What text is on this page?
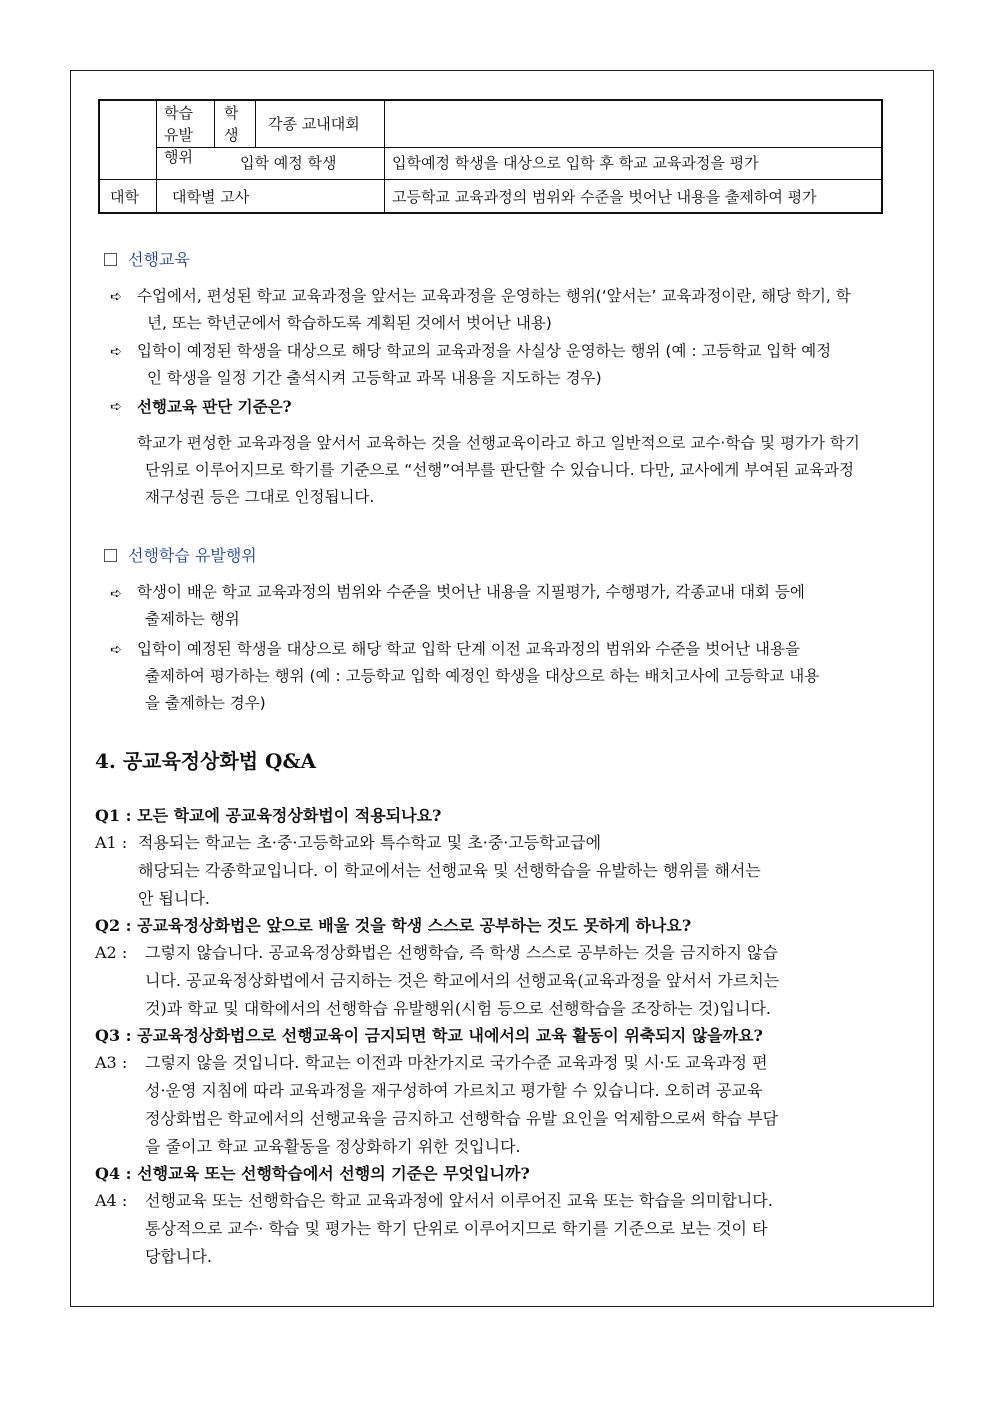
학습
유발
행위
학
생
각종 교내대회
입학 예정 학생	입학예정 학생을 대상으로 입학 후 학교 교육과정을 평가
대학 대학별 고사	고등학교 교육과정의 범위와 수준을 벗어난 내용을 출제하여 평가
선행교육
➪ 수업에서, 편성된 학교 교육과정을 앞서는 교육과정을 운영하는 행위(‘앞서는’ 교육과정이란, 해당 학기, 학
년, 또는 학년군에서 학습하도록 계획된 것에서 벗어난 내용)
➪ 입학이 예정된 학생을 대상으로 해당 학교의 교육과정을 사실상 운영하는 행위 (예 : 고등학교 입학 예정
인 학생을 일정 기간 출석시켜 고등학교 과목 내용을 지도하는 경우)
➪ 선행교육 판단 기준은?
학교가 편성한 교육과정을 앞서서 교육하는 것을 선행교육이라고 하고 일반적으로 교수·학습 및 평가가 학기
단위로 이루어지므로 학기를 기준으로 “선행”여부를 판단할 수 있습니다. 다만, 교사에게 부여된 교육과정
재구성권 등은 그대로 인정됩니다.
선행학습 유발행위
➪ 학생이 배운 학교 교육과정의 범위와 수준을 벗어난 내용을 지필평가, 수행평가, 각종교내 대회 등에
출제하는 행위
➪ 입학이 예정된 학생을 대상으로 해당 학교 입학 단계 이전 교육과정의 범위와 수준을 벗어난 내용을
출제하여 평가하는 행위 (예 : 고등학교 입학 예정인 학생을 대상으로 하는 배치고사에 고등학교 내용
을 출제하는 경우)
4. 공교육정상화법 Q&A
Q1 : 모든 학교에 공교육정상화법이 적용되나요?
A1 : 적용되는 학교는 초·중·고등학교와 특수학교 및 초·중·고등학교급에
해당되는 각종학교입니다. 이 학교에서는 선행교육 및 선행학습을 유발하는 행위를 해서는
안 됩니다.
Q2 : 공교육정상화법은 앞으로 배울 것을 학생 스스로 공부하는 것도 못하게 하나요?
A2 : 그렇지 않습니다. 공교육정상화법은 선행학습, 즉 학생 스스로 공부하는 것을 금지하지 않습
니다. 공교육정상화법에서 금지하는 것은 학교에서의 선행교육(교육과정을 앞서서 가르치는
것)과 학교 및 대학에서의 선행학습 유발행위(시험 등으로 선행학습을 조장하는 것)입니다.
Q3 : 공교육정상화법으로 선행교육이 금지되면 학교 내에서의 교육 활동이 위축되지 않을까요?
A3 : 그렇지 않을 것입니다. 학교는 이전과 마찬가지로 국가수준 교육과정 및 시·도 교육과정 편
성·운영 지침에 따라 교육과정을 재구성하여 가르치고 평가할 수 있습니다. 오히려 공교육
정상화법은 학교에서의 선행교육을 금지하고 선행학습 유발 요인을 억제함으로써 학습 부담
을 줄이고 학교 교육활동을 정상화하기 위한 것입니다.
Q4 : 선행교육 또는 선행학습에서 선행의 기준은 무엇입니까?
A4 : 선행교육 또는 선행학습은 학교 교육과정에 앞서서 이루어진 교육 또는 학습을 의미합니다.
통상적으로 교수· 학습 및 평가는 학기 단위로 이루어지므로 학기를 기준으로 보는 것이 타
당합니다.
